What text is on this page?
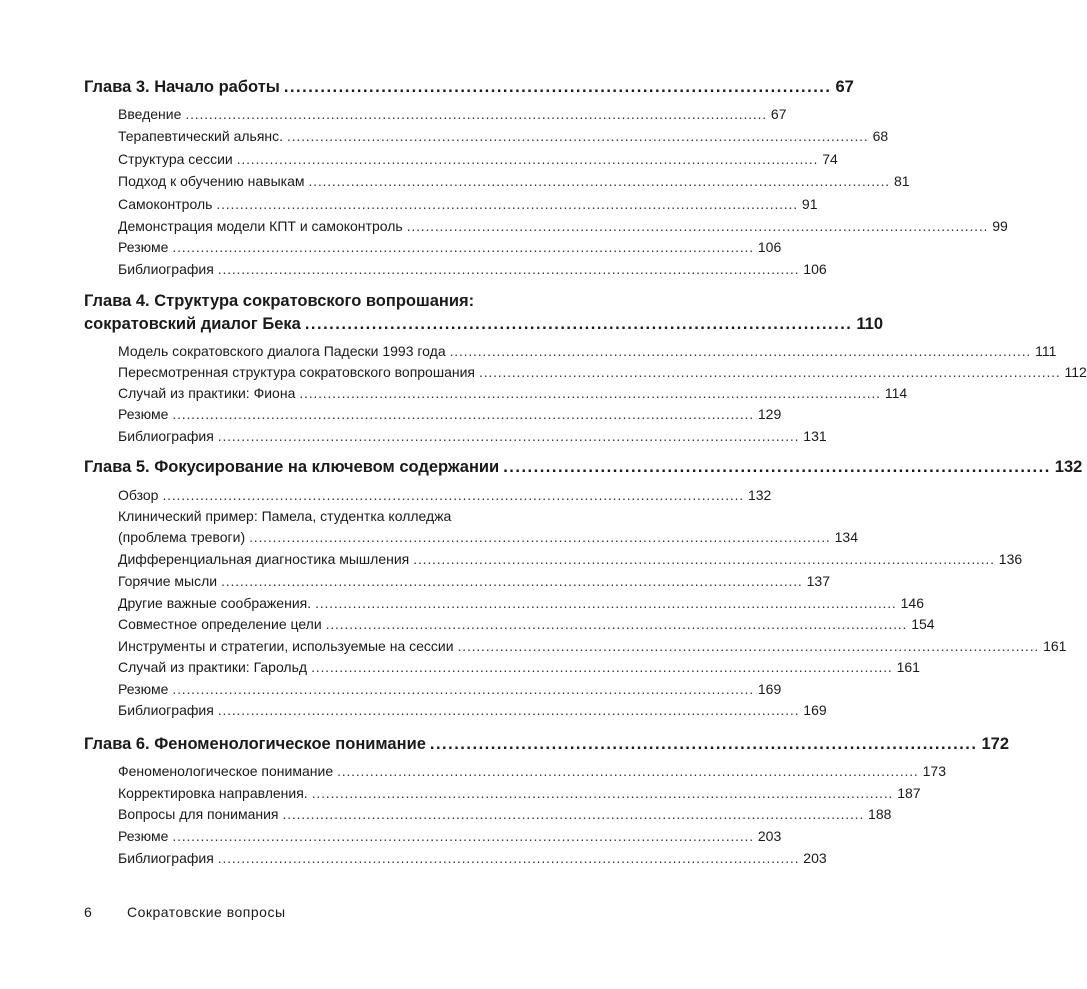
Глава 3. Начало работы .......................................................................................... 67
Введение ............................................................................................................................ 67
Терапевтический альянс. ............................................................................................................................ 68
Структура сессии ............................................................................................................................ 74
Подход к обучению навыкам ............................................................................................................................ 81
Самоконтроль ............................................................................................................................ 91
Демонстрация модели КПТ и самоконтроль ............................................................................................................................ 99
Резюме ............................................................................................................................ 106
Библиография ............................................................................................................................ 106
Глава 4. Структура сократовского вопрошания:
сократовский диалог Бека .......................................................................................... 110
Модель сократовского диалога Падески 1993 года ............................................................................................................................ 111
Пересмотренная структура сократовского вопрошания ............................................................................................................................ 112
Случай из практики: Фиона ............................................................................................................................ 114
Резюме ............................................................................................................................ 129
Библиография ............................................................................................................................ 131
Глава 5. Фокусирование на ключевом содержании .......................................................................................... 132
Обзор ............................................................................................................................ 132
Клинический пример: Памела, студентка колледжа
(проблема тревоги) ............................................................................................................................ 134
Дифференциальная диагностика мышления ............................................................................................................................ 136
Горячие мысли ............................................................................................................................ 137
Другие важные соображения. ............................................................................................................................ 146
Совместное определение цели ............................................................................................................................ 154
Инструменты и стратегии, используемые на сессии ............................................................................................................................ 161
Случай из практики: Гарольд ............................................................................................................................ 161
Резюме ............................................................................................................................ 169
Библиография ............................................................................................................................ 169
Глава 6. Феноменологическое понимание .......................................................................................... 172
Феноменологическое понимание ............................................................................................................................ 173
Корректировка направления. ............................................................................................................................ 187
Вопросы для понимания ............................................................................................................................ 188
Резюме ............................................................................................................................ 203
Библиография ............................................................................................................................ 203
6	Сократовские вопросы
